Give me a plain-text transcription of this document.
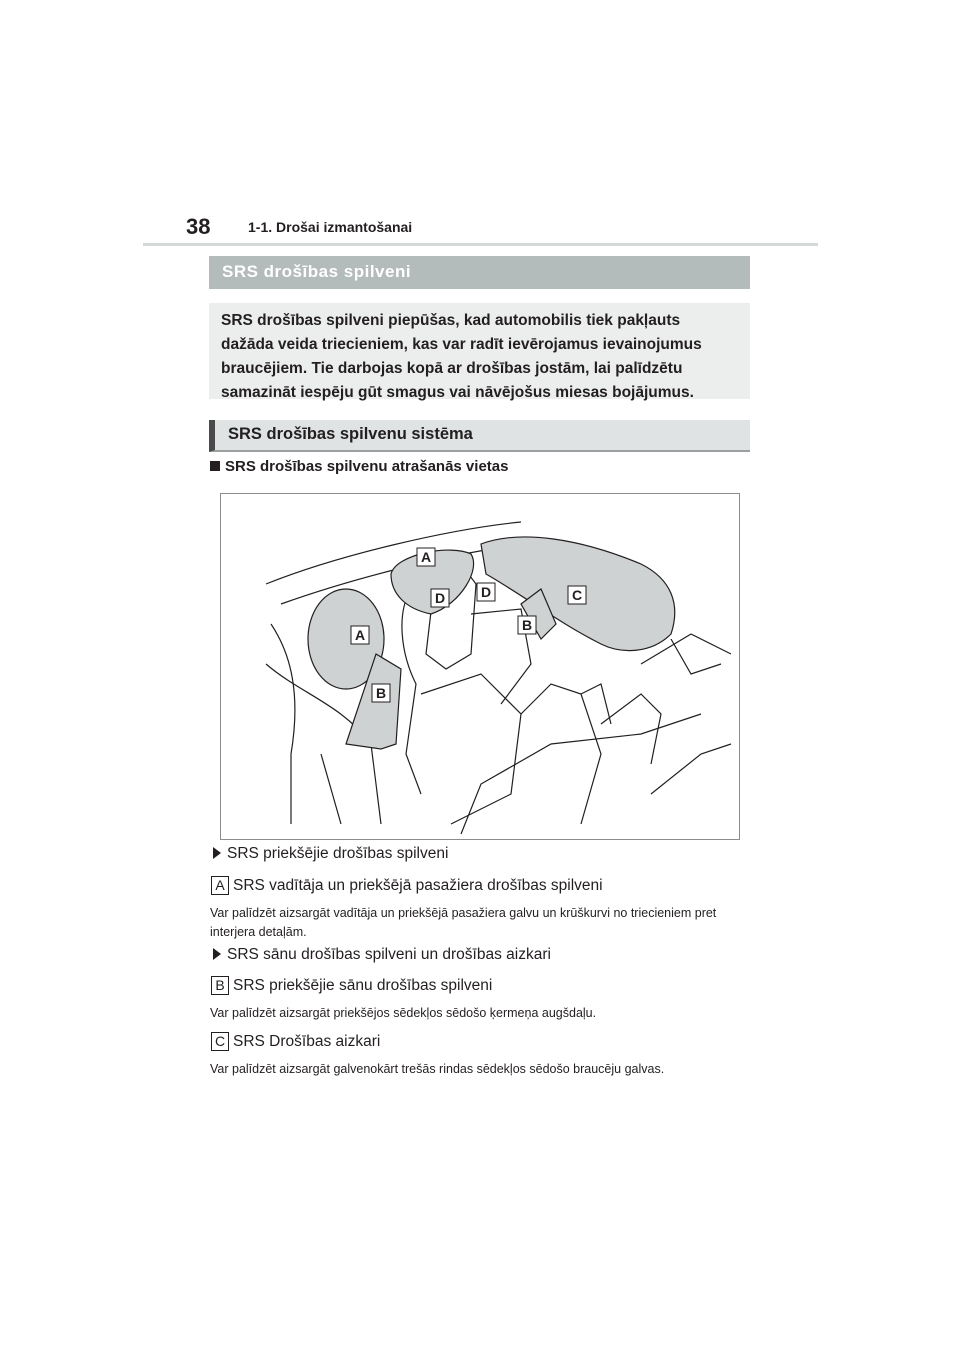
38	1-1. Drošai izmantošanai
SRS drošības spilveni
SRS drošības spilveni piepūšas, kad automobilis tiek pakļauts dažāda veida triecieniem, kas var radīt ievērojamus ievainojumus braucējiem. Tie darbojas kopā ar drošības jostām, lai palīdzētu samazināt iespēju gūt smagus vai nāvējošus miesas bojājumus.
SRS drošības spilvenu sistēma
SRS drošības spilvenu atrašanās vietas
A
A
B
B
C
D	D
SRS priekšējie drošības spilveni
A SRS vadītāja un priekšējā pasažiera drošības spilveni
Var palīdzēt aizsargāt vadītāja un priekšējā pasažiera galvu un krūškurvi no triecieniem pret interjera detaļām.
SRS sānu drošības spilveni un drošības aizkari
B SRS priekšējie sānu drošības spilveni
Var palīdzēt aizsargāt priekšējos sēdekļos sēdošo ķermeņa augšdaļu.
C SRS Drošības aizkari
Var palīdzēt aizsargāt galvenokārt trešās rindas sēdekļos sēdošo braucēju galvas.
